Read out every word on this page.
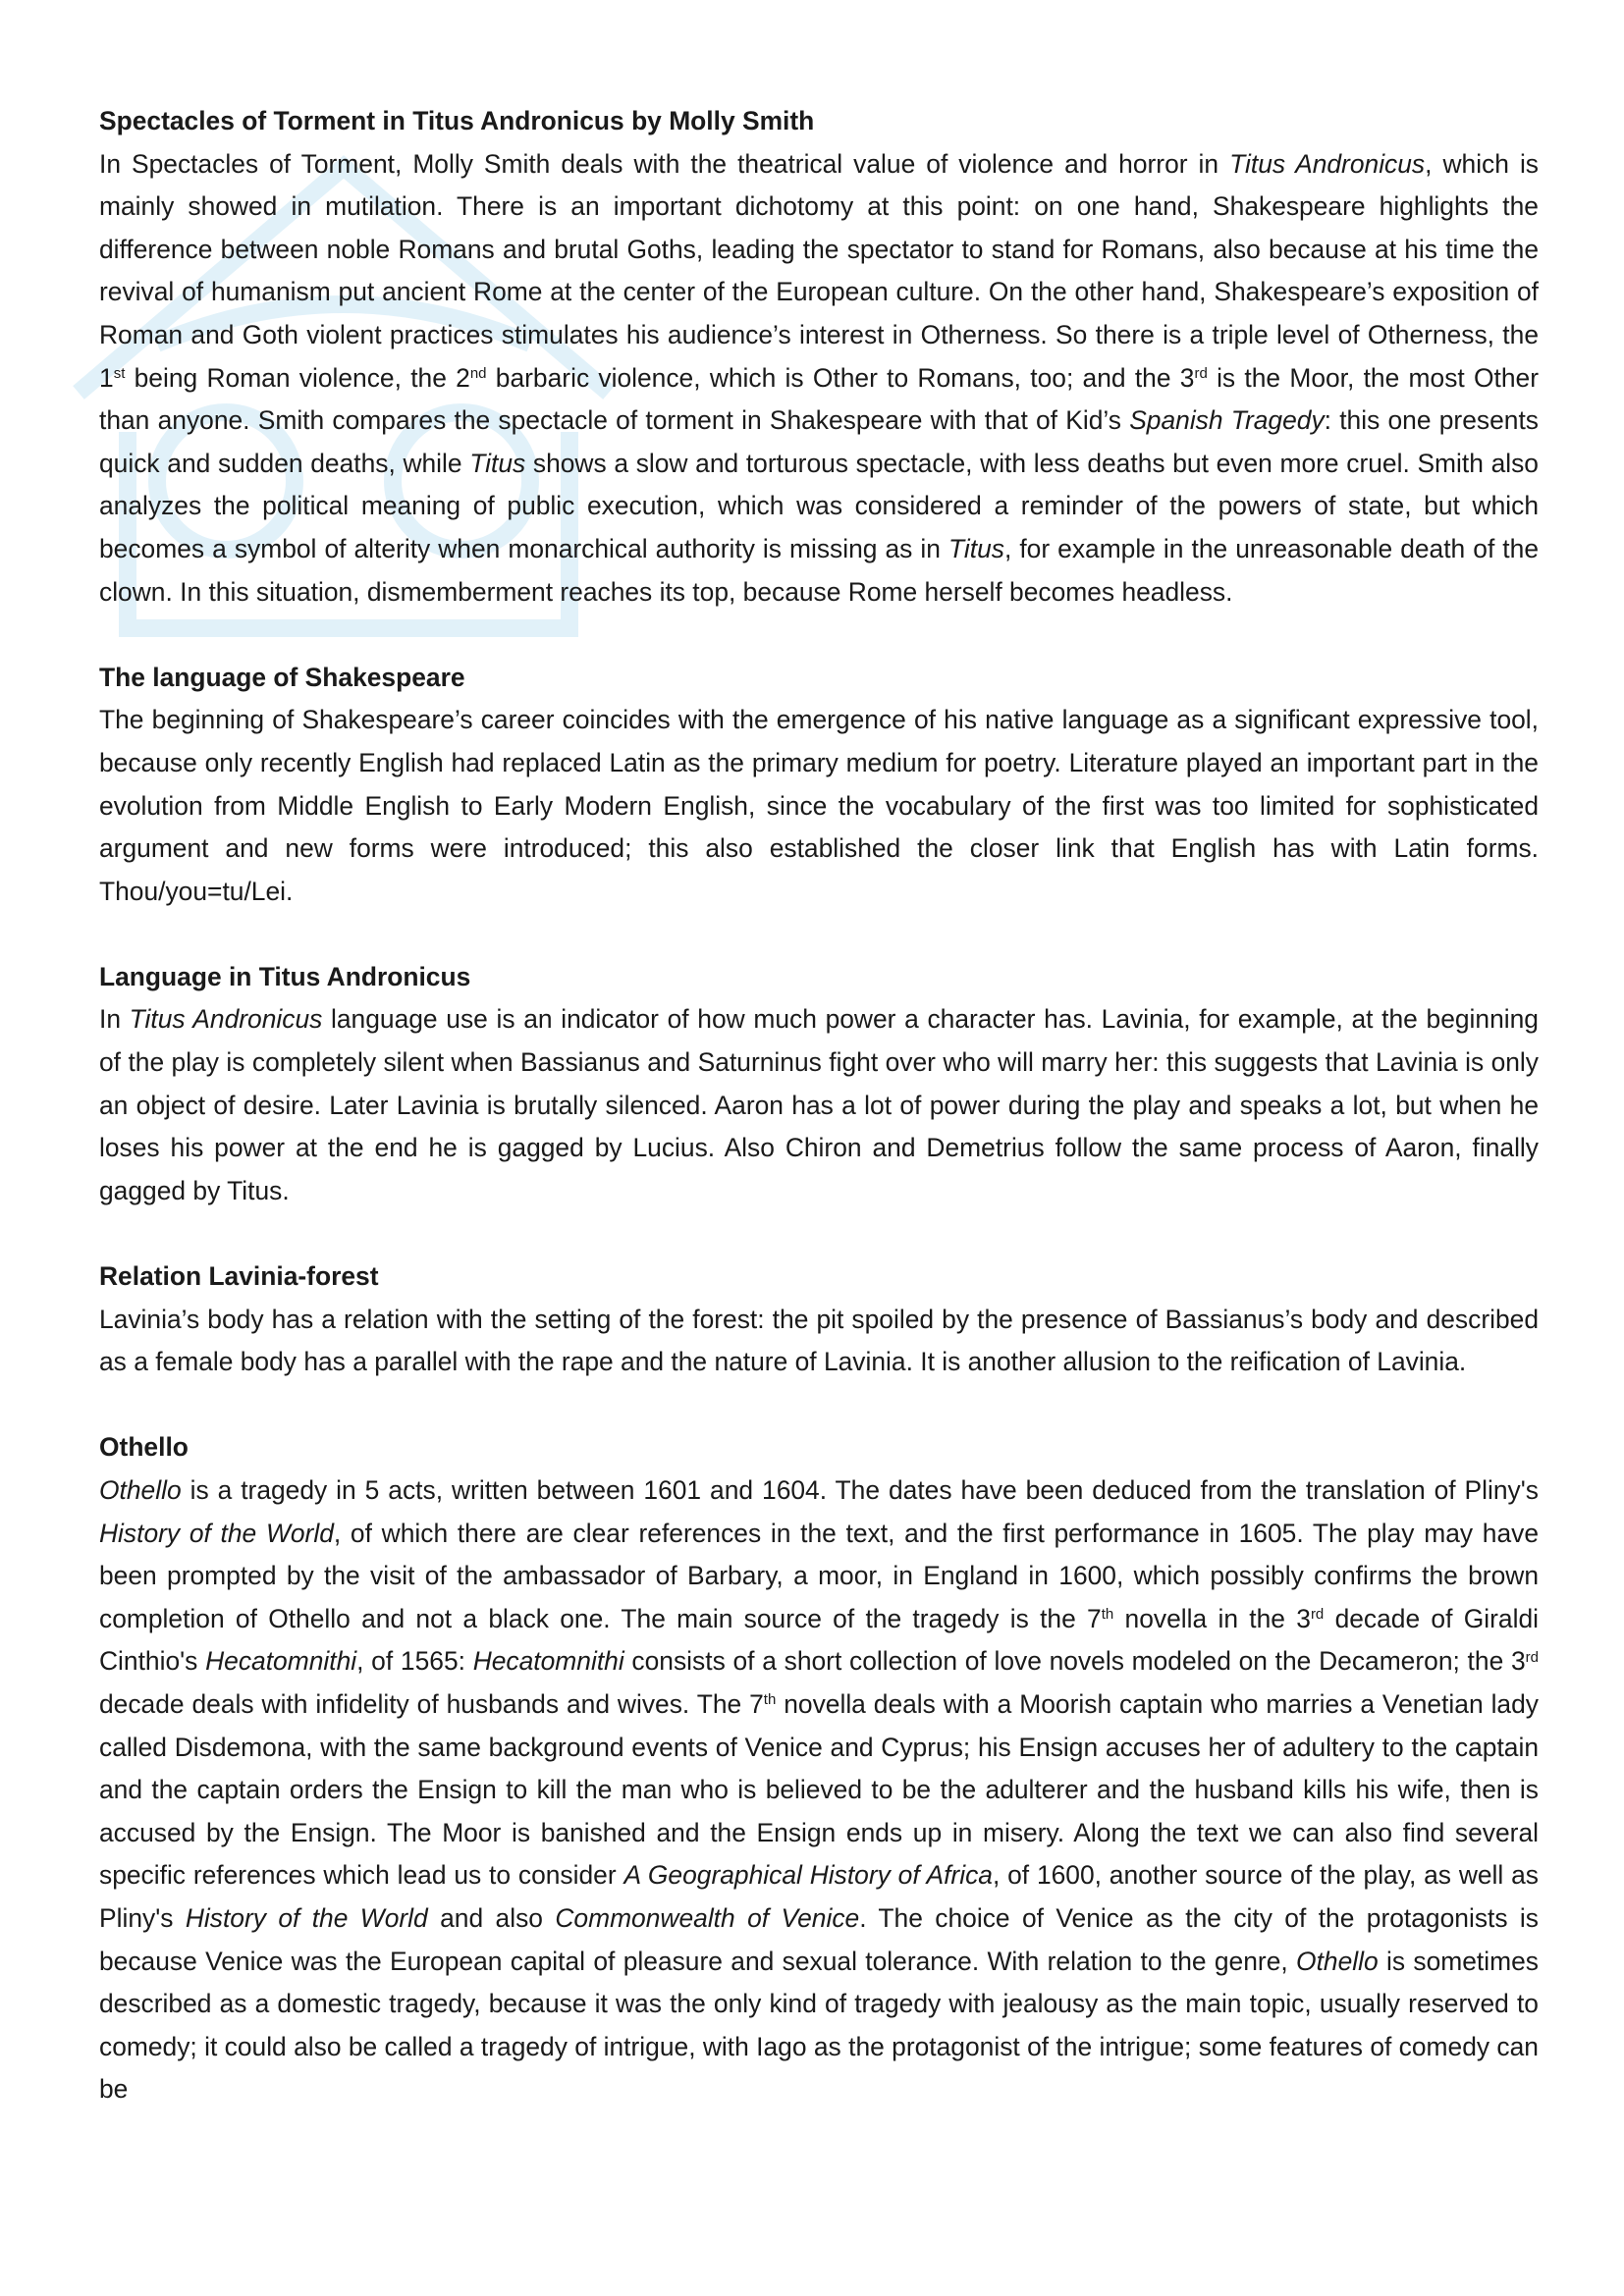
Spectacles of Torment in Titus Andronicus by Molly Smith

In Spectacles of Torment, Molly Smith deals with the theatrical value of violence and horror in Titus Andronicus, which is mainly showed in mutilation. There is an important dichotomy at this point: on one hand, Shakespeare highlights the difference between noble Romans and brutal Goths, leading the spectator to stand for Romans, also because at his time the revival of humanism put ancient Rome at the center of the European culture. On the other hand, Shakespeare’s exposition of Roman and Goth violent practices stimulates his audience’s interest in Otherness. So there is a triple level of Otherness, the 1st being Roman violence, the 2nd barbaric violence, which is Other to Romans, too; and the 3rd is the Moor, the most Other than anyone. Smith compares the spectacle of torment in Shakespeare with that of Kid’s Spanish Tragedy: this one presents quick and sudden deaths, while Titus shows a slow and torturous spectacle, with less deaths but even more cruel. Smith also analyzes the political meaning of public execution, which was considered a reminder of the powers of state, but which becomes a symbol of alterity when monarchical authority is missing as in Titus, for example in the unreasonable death of the clown. In this situation, dismemberment reaches its top, because Rome herself becomes headless.

The language of Shakespeare

The beginning of Shakespeare’s career coincides with the emergence of his native language as a significant expressive tool, because only recently English had replaced Latin as the primary medium for poetry. Literature played an important part in the evolution from Middle English to Early Modern English, since the vocabulary of the first was too limited for sophisticated argument and new forms were introduced; this also established the closer link that English has with Latin forms. Thou/you=tu/Lei.

Language in Titus Andronicus

In Titus Andronicus language use is an indicator of how much power a character has. Lavinia, for example, at the beginning of the play is completely silent when Bassianus and Saturninus fight over who will marry her: this suggests that Lavinia is only an object of desire. Later Lavinia is brutally silenced. Aaron has a lot of power during the play and speaks a lot, but when he loses his power at the end he is gagged by Lucius. Also Chiron and Demetrius follow the same process of Aaron, finally gagged by Titus.

Relation Lavinia-forest

Lavinia’s body has a relation with the setting of the forest: the pit spoiled by the presence of Bassianus’s body and described as a female body has a parallel with the rape and the nature of Lavinia. It is another allusion to the reification of Lavinia.

Othello

Othello is a tragedy in 5 acts, written between 1601 and 1604. The dates have been deduced from the translation of Pliny's History of the World, of which there are clear references in the text, and the first performance in 1605. The play may have been prompted by the visit of the ambassador of Barbary, a moor, in England in 1600, which possibly confirms the brown completion of Othello and not a black one. The main source of the tragedy is the 7th novella in the 3rd decade of Giraldi Cinthio's Hecatomnithi, of 1565: Hecatomnithi consists of a short collection of love novels modeled on the Decameron; the 3rd decade deals with infidelity of husbands and wives. The 7th novella deals with a Moorish captain who marries a Venetian lady called Disdemona, with the same background events of Venice and Cyprus; his Ensign accuses her of adultery to the captain and the captain orders the Ensign to kill the man who is believed to be the adulterer and the husband kills his wife, then is accused by the Ensign. The Moor is banished and the Ensign ends up in misery. Along the text we can also find several specific references which lead us to consider A Geographical History of Africa, of 1600, another source of the play, as well as Pliny's History of the World and also Commonwealth of Venice. The choice of Venice as the city of the protagonists is because Venice was the European capital of pleasure and sexual tolerance. With relation to the genre, Othello is sometimes described as a domestic tragedy, because it was the only kind of tragedy with jealousy as the main topic, usually reserved to comedy; it could also be called a tragedy of intrigue, with Iago as the protagonist of the intrigue; some features of comedy can be
